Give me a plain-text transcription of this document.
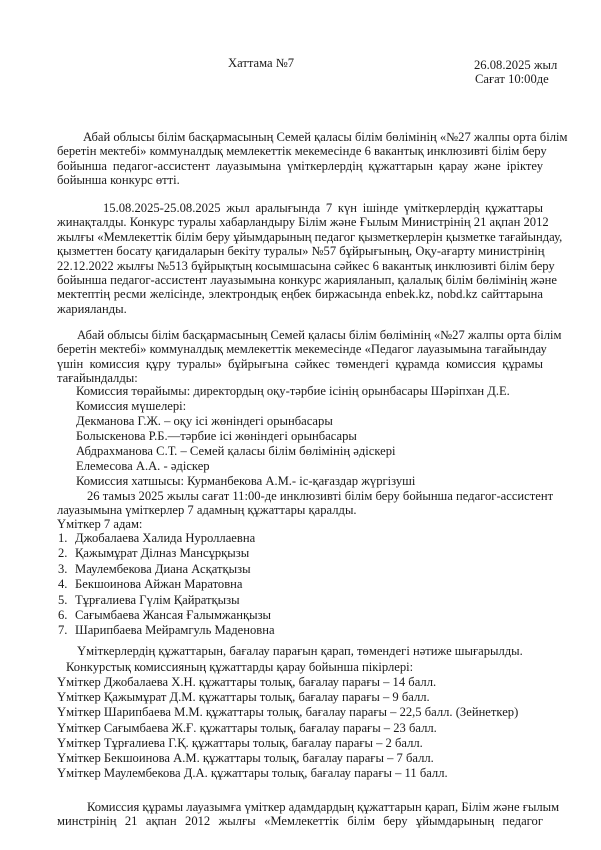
Хаттама №7	26.08.2025 жыл
Сағат 10:00де
Абай облысы білім басқармасының Семей қаласы білім бөлімінің «№27 жалпы орта білім
беретін мектебі» коммуналдық мемлекеттік мекемесінде 6 вакантық инклюзивті білім беру
бойынша педагог-ассистент лауазымына үміткерлердің құжаттарын қарау және іріктеу
бойынша конкурс өтті.
15.08.2025-25.08.2025 жыл аралығында 7 күн ішінде үміткерлердің құжаттары
жинақталды. Конкурс туралы хабарландыру Білім және Ғылым Министрінің 21 ақпан 2012
жылғы «Мемлекеттік білім беру ұйымдарының педагог қызметкерлерін қызметке тағайындау,
қызметтен босату қағидаларын бекіту туралы» №57 бұйрығының, Оқу-ағарту министрінің
22.12.2022 жылғы №513 бұйрықтың косымшасына сәйкес 6 вакантық инклюзивті білім беру
бойынша педагог-ассистент лауазымына конкурс жарияланып, қалалық білім бөлімінің және
мектептің ресми желісінде, электрондық еңбек биржасында enbek.kz, nobd.kz сайттарына
жарияланды.
Абай облысы білім басқармасының Семей қаласы білім бөлімінің «№27 жалпы орта білім
беретін мектебі» коммуналдық мемлекеттік мекемесінде «Педагог лауазымына тағайындау
үшін комиссия құру туралы» бұйрығына сәйкес төмендегі құрамда комиссия құрамы
тағайындалды:
Комиссия төрайымы: директордың оқу-тәрбие ісінің орынбасары Шәріпхан Д.Е.
Комиссия мүшелері:
Декманова Г.Ж. – оқу ісі жөніндегі орынбасары
Болыскенова Р.Б.—тәрбие ісі жөніндегі орынбасары
Абдрахманова С.Т. – Семей қаласы білім бөлімінің әдіскері
Елемесова А.А. - әдіскер
Комиссия хатшысы: Курманбекова А.М.- іс-қағаздар жүргізуші
26 тамыз 2025 жылы сағат 11:00-де инклюзивті білім беру бойынша педагог-ассистент
лауазымына үміткерлер 7 адамның құжаттары қаралды.
Үміткер 7 адам:
1. Джобалаева Халида Нуроллаевна
2. Қажымұрат Ділназ Мансұрқызы
3. Маулембекова Диана Асқатқызы
4. Бекшоинова Айжан Маратовна
5. Тұрғалиева Гүлім Қайратқызы
6. Сағымбаева Жансая Ғалымжанқызы
7. Шарипбаева Мейрамгуль Маденовна
Үміткерлердің құжаттарын, бағалау парағын қарап, төмендегі нәтиже шығарылды.
Конкурстық комиссияның құжаттарды қарау бойынша пікірлері:
Үміткер Джобалаева Х.Н. құжаттары толық, бағалау парағы – 14 балл.
Үміткер Қажымұрат Д.М. құжаттары толық, бағалау парағы – 9 балл.
Үміткер Шарипбаева М.М. құжаттары толық, бағалау парағы – 22,5 балл. (Зейнеткер)
Үміткер Сағымбаева Ж.Ғ. құжаттары толық, бағалау парағы – 23 балл.
Үміткер Тұрғалиева Г.Қ. құжаттары толық, бағалау парағы – 2 балл.
Үміткер Бекшоинова А.М. құжаттары толық, бағалау парағы – 7 балл.
Үміткер Маулембекова Д.А. құжаттары толық, бағалау парағы – 11 балл.
Комиссия құрамы лауазымға үміткер адамдардың құжаттарын қарап, Білім және ғылым
минстрінің 21 ақпан 2012 жылғы «Мемлекеттік білім беру ұйымдарының педагог
